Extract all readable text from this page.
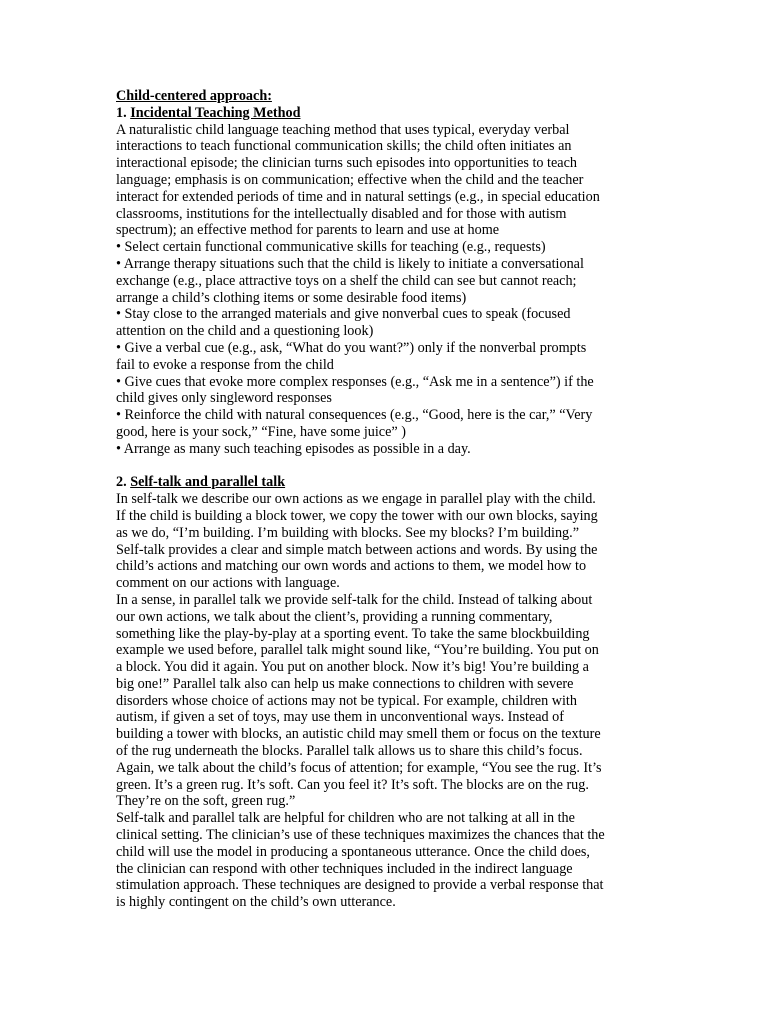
Child-centered approach:
1. Incidental Teaching Method
A naturalistic child language teaching method that uses typical, everyday verbal
interactions to teach functional communication skills; the child often initiates an
interactional episode; the clinician turns such episodes into opportunities to teach
language; emphasis is on communication; effective when the child and the teacher
interact for extended periods of time and in natural settings (e.g., in special education
classrooms, institutions for the intellectually disabled and for those with autism
spectrum); an effective method for parents to learn and use at home
• Select certain functional communicative skills for teaching (e.g., requests)
• Arrange therapy situations such that the child is likely to initiate a conversational
exchange (e.g., place attractive toys on a shelf the child can see but cannot reach;
arrange a child’s clothing items or some desirable food items)
• Stay close to the arranged materials and give nonverbal cues to speak (focused
attention on the child and a questioning look)
• Give a verbal cue (e.g., ask, “What do you want?”) only if the nonverbal prompts
fail to evoke a response from the child
• Give cues that evoke more complex responses (e.g., “Ask me in a sentence”) if the
child gives only singleword responses
• Reinforce the child with natural consequences (e.g., “Good, here is the car,” “Very
good, here is your sock,” “Fine, have some juice” )
• Arrange as many such teaching episodes as possible in a day.
2. Self-talk and parallel talk
In self-talk we describe our own actions as we engage in parallel play with the child.
If the child is building a block tower, we copy the tower with our own blocks, saying
as we do, “I’m building. I’m building with blocks. See my blocks? I’m building.”
Self-talk provides a clear and simple match between actions and words. By using the
child’s actions and matching our own words and actions to them, we model how to
comment on our actions with language.
In a sense, in parallel talk we provide self-talk for the child. Instead of talking about
our own actions, we talk about the client’s, providing a running commentary,
something like the play-by-play at a sporting event. To take the same blockbuilding
example we used before, parallel talk might sound like, “You’re building. You put on
a block. You did it again. You put on another block. Now it’s big! You’re building a
big one!” Parallel talk also can help us make connections to children with severe
disorders whose choice of actions may not be typical. For example, children with
autism, if given a set of toys, may use them in unconventional ways. Instead of
building a tower with blocks, an autistic child may smell them or focus on the texture
of the rug underneath the blocks. Parallel talk allows us to share this child’s focus.
Again, we talk about the child’s focus of attention; for example, “You see the rug. It’s
green. It’s a green rug. It’s soft. Can you feel it? It’s soft. The blocks are on the rug.
They’re on the soft, green rug.”
Self-talk and parallel talk are helpful for children who are not talking at all in the
clinical setting. The clinician’s use of these techniques maximizes the chances that the
child will use the model in producing a spontaneous utterance. Once the child does,
the clinician can respond with other techniques included in the indirect language
stimulation approach. These techniques are designed to provide a verbal response that
is highly contingent on the child’s own utterance.
